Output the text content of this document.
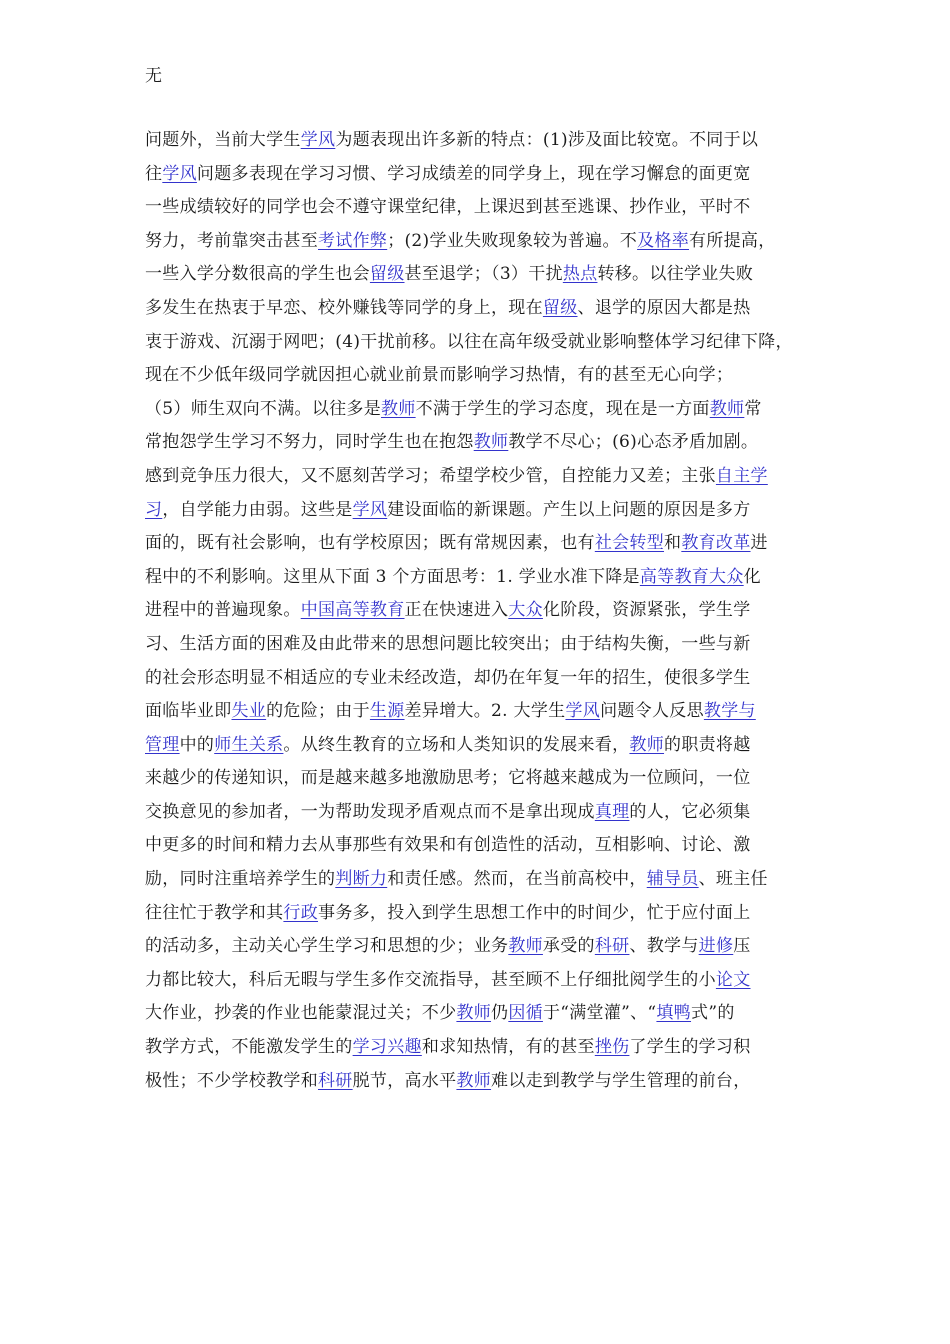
无
问题外，当前大学生学风为题表现出许多新的特点：(1)涉及面比较宽。不同于以
往学风问题多表现在学习习惯、学习成绩差的同学身上，现在学习懈怠的面更宽
一些成绩较好的同学也会不遵守课堂纪律，上课迟到甚至逃课、抄作业，平时不
努力，考前靠突击甚至考试作弊；(2)学业失败现象较为普遍。不及格率有所提高，
一些入学分数很高的学生也会留级甚至退学；（3）干扰热点转移。以往学业失败
多发生在热衷于早恋、校外赚钱等同学的身上，现在留级、退学的原因大都是热
衷于游戏、沉溺于网吧；(4)干扰前移。以往在高年级受就业影响整体学习纪律下降，
现在不少低年级同学就因担心就业前景而影响学习热情，有的甚至无心向学；
（5）师生双向不满。以往多是教师不满于学生的学习态度，现在是一方面教师常
常抱怨学生学习不努力，同时学生也在抱怨教师教学不尽心；(6)心态矛盾加剧。
感到竞争压力很大，又不愿刻苦学习；希望学校少管，自控能力又差；主张自主学
习，自学能力由弱。这些是学风建设面临的新课题。产生以上问题的原因是多方
面的，既有社会影响，也有学校原因；既有常规因素，也有社会转型和教育改革进
程中的不利影响。这里从下面 3 个方面思考：1. 学业水准下降是高等教育大众化
进程中的普遍现象。中国高等教育正在快速进入大众化阶段，资源紧张，学生学
习、生活方面的困难及由此带来的思想问题比较突出；由于结构失衡，一些与新
的社会形态明显不相适应的专业未经改造，却仍在年复一年的招生，使很多学生
面临毕业即失业的危险；由于生源差异增大。2. 大学生学风问题令人反思教学与
管理中的师生关系。从终生教育的立场和人类知识的发展来看，教师的职责将越
来越少的传递知识，而是越来越多地激励思考；它将越来越成为一位顾问，一位
交换意见的参加者，一为帮助发现矛盾观点而不是拿出现成真理的人，它必须集
中更多的时间和精力去从事那些有效果和有创造性的活动，互相影响、讨论、激
励，同时注重培养学生的判断力和责任感。然而，在当前高校中，辅导员、班主任
往往忙于教学和其行政事务多，投入到学生思想工作中的时间少，忙于应付面上
的活动多，主动关心学生学习和思想的少；业务教师承受的科研、教学与进修压
力都比较大，科后无暇与学生多作交流指导，甚至顾不上仔细批阅学生的小论文
大作业，抄袭的作业也能蒙混过关；不少教师仍因循于“满堂灌”、“填鸭式”的
教学方式，不能激发学生的学习兴趣和求知热情，有的甚至挫伤了学生的学习积
极性；不少学校教学和科研脱节，高水平教师难以走到教学与学生管理的前台，
